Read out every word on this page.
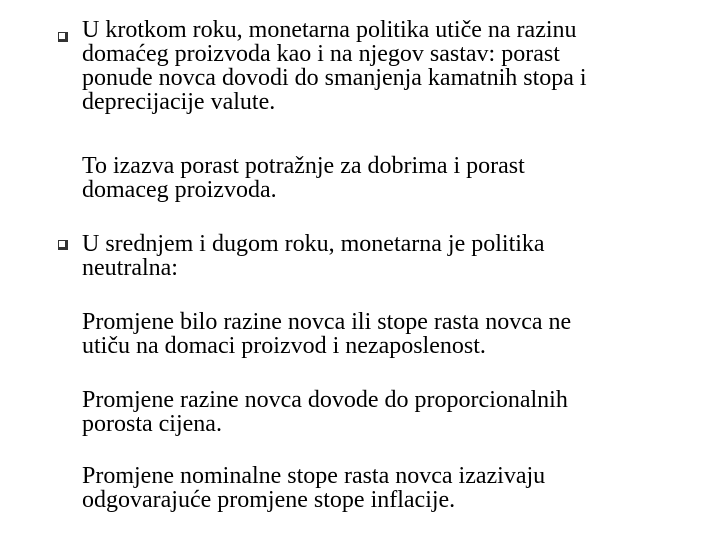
U krotkom roku, monetarna politika utiče na razinu
domaćeg proizvoda kao i na njegov sastav: porast
ponude novca dovodi do smanjenja kamatnih stopa i
deprecijacije valute.
To izazva porast potražnje za dobrima i porast
domaceg proizvoda.
U srednjem i dugom roku, monetarna je politika
neutralna:
Promjene bilo razine novca ili stope rasta novca ne
utiču na domaci proizvod i nezaposlenost.
Promjene razine novca dovode do proporcionalnih
porosta cijena.
Promjene nominalne stope rasta novca izazivaju
odgovarajuće promjene stope inflacije.
